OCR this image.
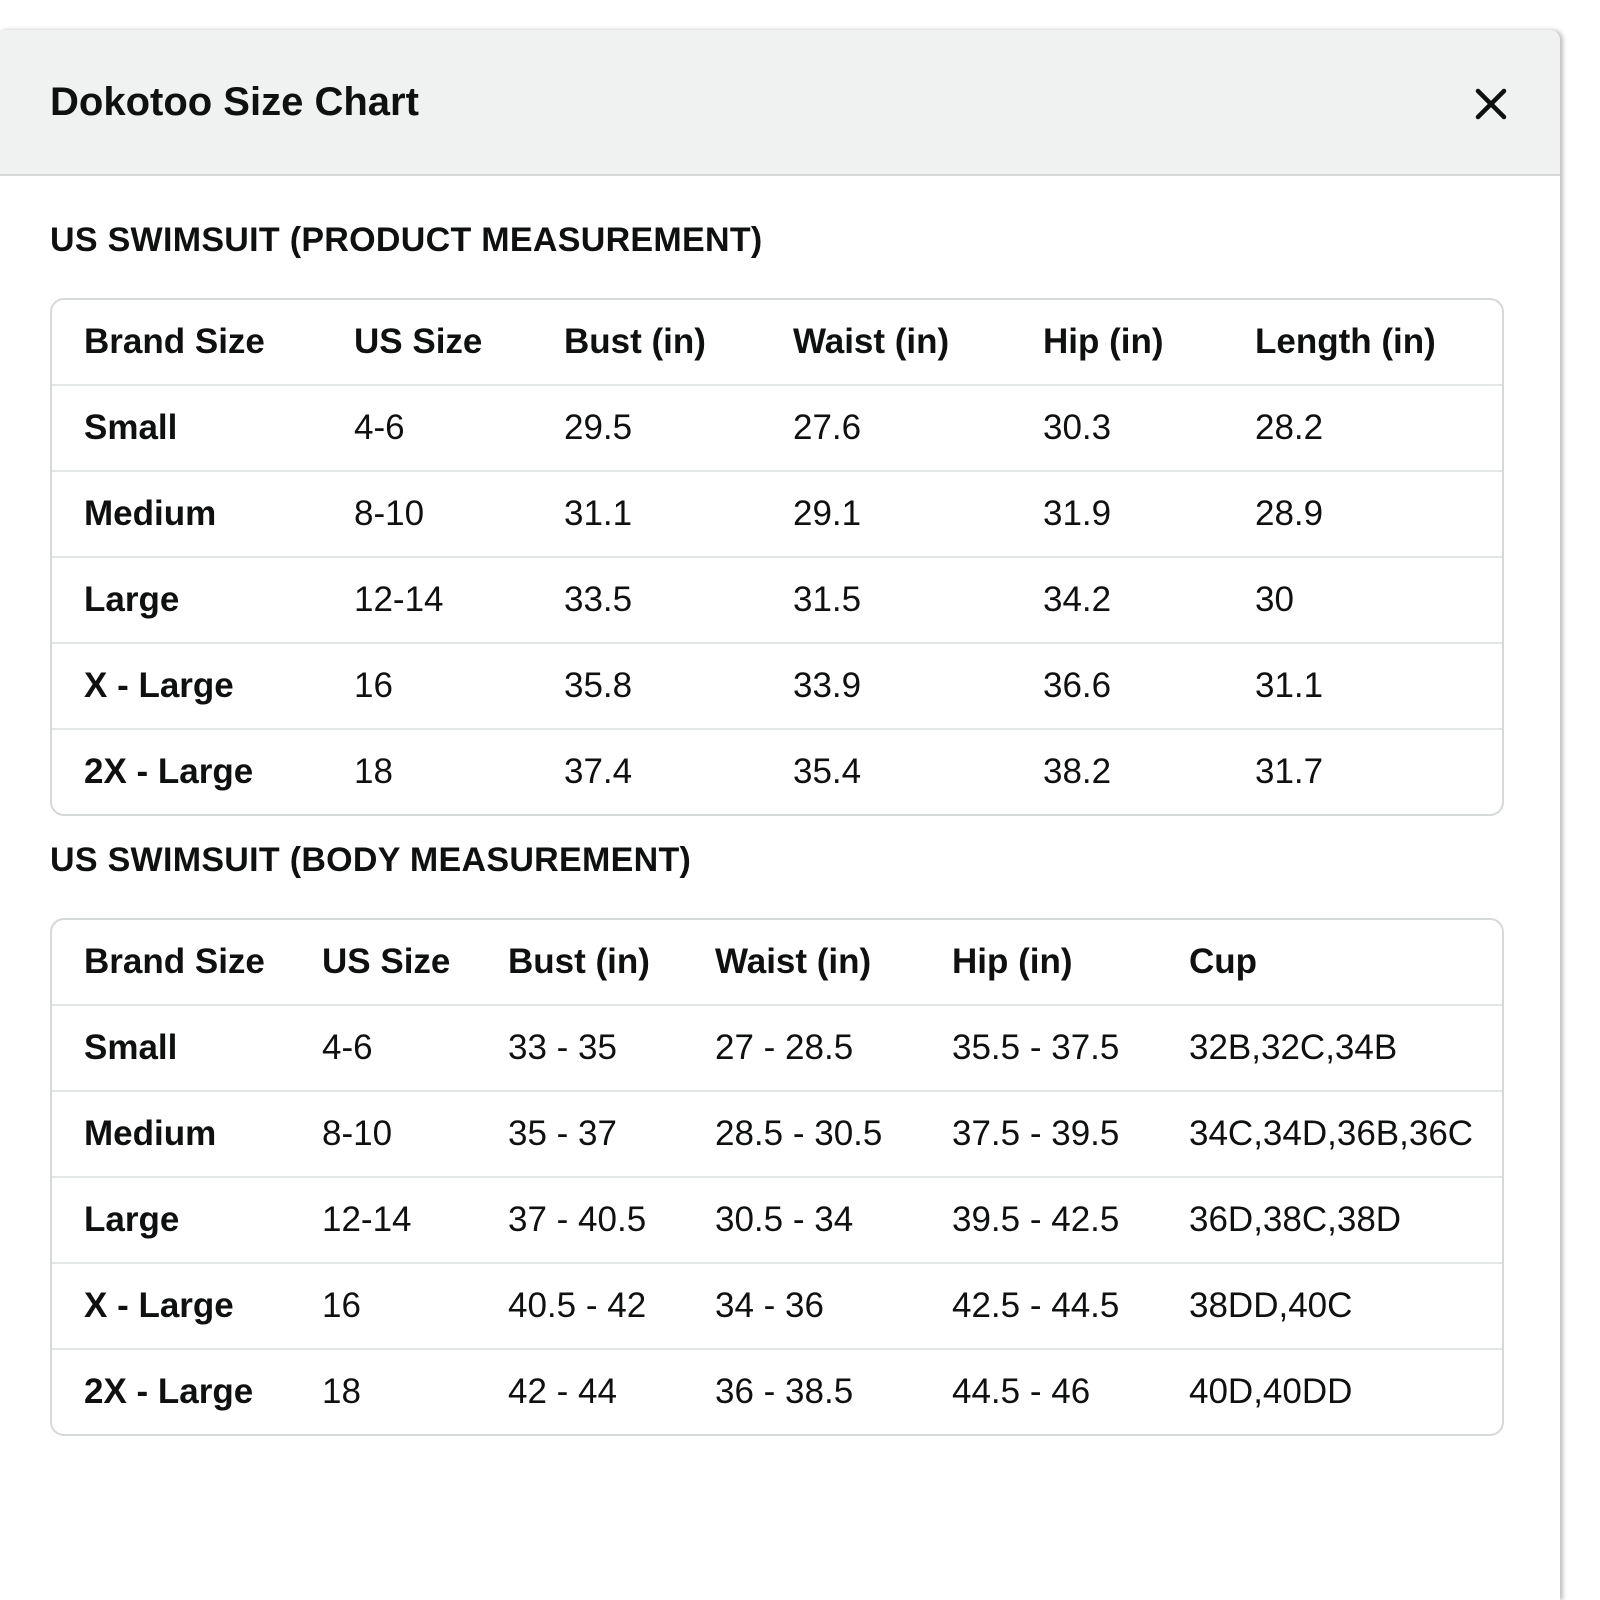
Dokotoo Size Chart
US SWIMSUIT (PRODUCT MEASUREMENT)
Brand Size	US Size	Bust (in)	Waist (in)	Hip (in)	Length (in)
Small	4-6	29.5	27.6	30.3	28.2
Medium	8-10	31.1	29.1	31.9	28.9
Large	12-14	33.5	31.5	34.2	30
X - Large	16	35.8	33.9	36.6	31.1
2X - Large	18	37.4	35.4	38.2	31.7
US SWIMSUIT (BODY MEASUREMENT)
Brand Size	US Size	Bust (in)	Waist (in)	Hip (in)	Cup
Small	4-6	33 - 35	27 - 28.5	35.5 - 37.5	32B,32C,34B
Medium	8-10	35 - 37	28.5 - 30.5	37.5 - 39.5	34C,34D,36B,36C
Large	12-14	37 - 40.5	30.5 - 34	39.5 - 42.5	36D,38C,38D
X - Large	16	40.5 - 42	34 - 36	42.5 - 44.5	38DD,40C
2X - Large	18	42 - 44	36 - 38.5	44.5 - 46	40D,40DD
